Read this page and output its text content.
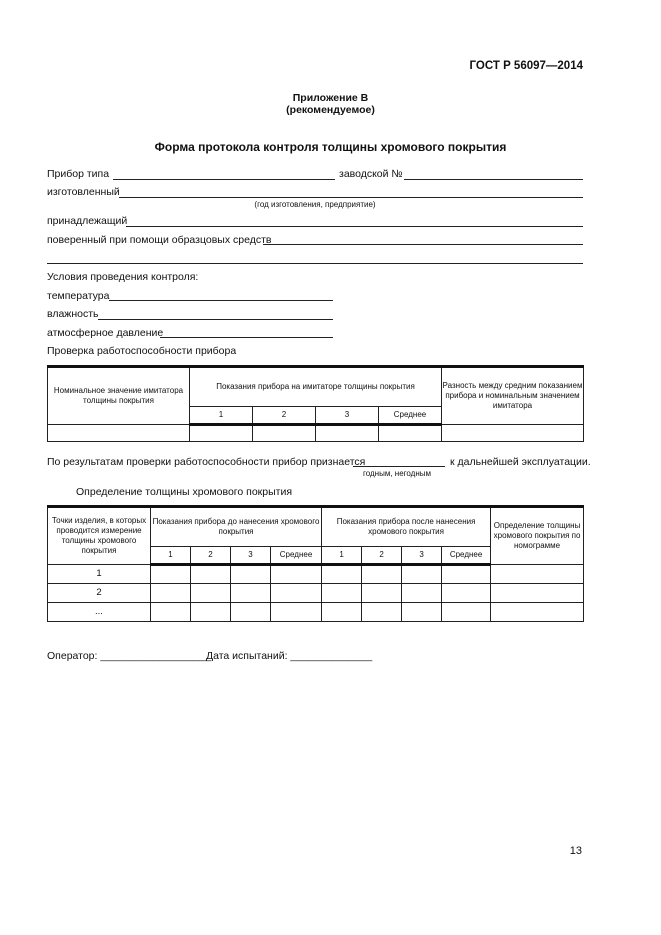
ГОСТ Р 56097—2014
Приложение В
(рекомендуемое)
Форма протокола контроля толщины хромового покрытия
Прибор типа	заводской №
изготовленный
(год изготовления, предприятие)
принадлежащий
поверенный при помощи образцовых средств
Условия проведения контроля:
температура
влажность
атмосферное давление
Проверка работоспособности прибора
Номинальное значение имитатора толщины покрытия	Показания прибора на имитаторе толщины покрытия				Разность между средним показанием прибора и номинальным значением имитатора
	1	2	3	Среднее	

По результатам проверки работоспособности прибор признается	к дальнейшей эксплуатации.
годным, негодным
Определение толщины хромового покрытия
Точки изделия, в которых проводится измерение толщины хромового покрытия	Показания прибора до нанесения хромового покрытия				Показания прибора после нанесения хромового покрытия				Определение толщины хромового покрытия по номограмме
	1	2	3	Среднее	1	2	3	Среднее	
1									
2									
...									
Оператор: ___________________
Дата испытаний: ______________
13
